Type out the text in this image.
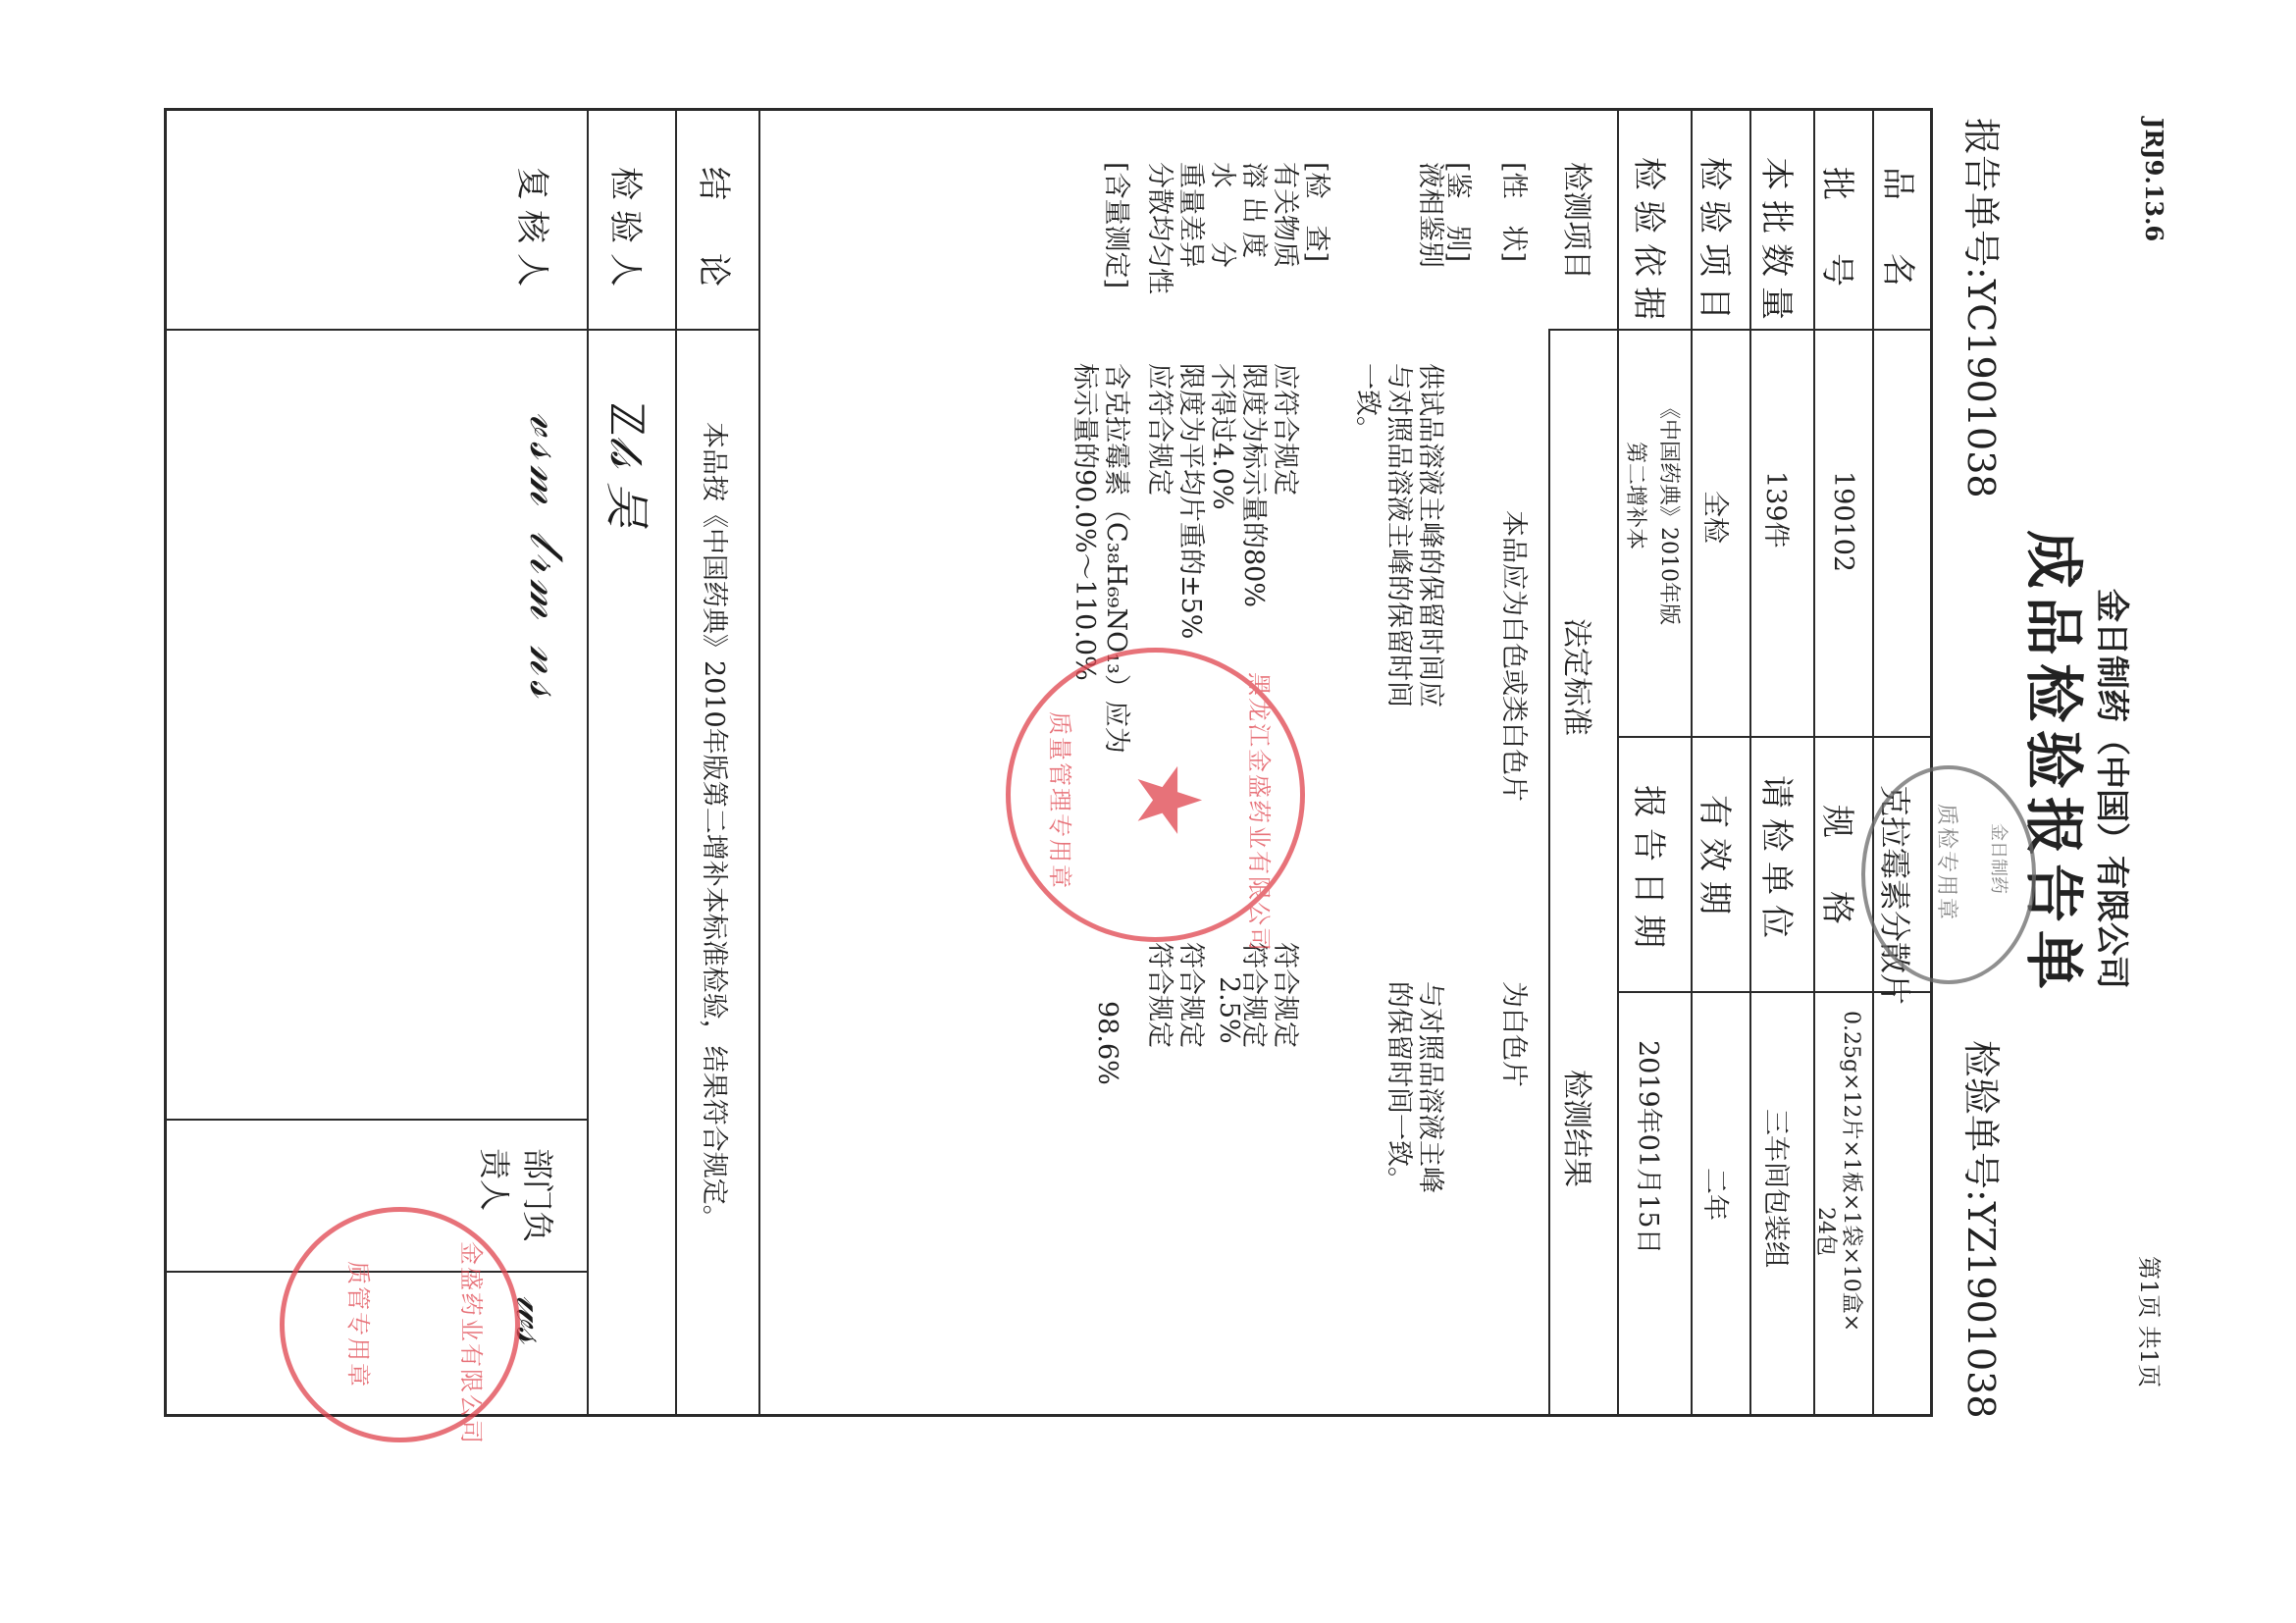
JRJ9.13.6
第1页 共1页
金日制药（中国）有限公司
成品检验报告单
报告单号:YC1901038
检验单号:YZ1901038
品　名
克拉霉素分散片
批　号
190102
规　格
0.25g×12片×1板×1袋×10盒×
24包
本批数量
139件
请检单位
三车间包装组
检验项目
全检
有效期
二年
检验依据
《中国药典》2010年版
第二增补本
报告日期
2019年01月15日
检测项目
法定标准
检测结果
[性　状]
本品应为白色或类白色片
为白色片
[鉴　别]
液相鉴别
供试品溶液主峰的保留时间应
与对照品溶液主峰的保留时间
一致。
与对照品溶液主峰
的保留时间一致。
[检　查]
有关物质
应符合规定
符合规定
溶 出 度
限度为标示量的80%
符合规定
水　　分
不得过4.0%
2.5%
重量差异
限度为平均片重的±5%
符合规定
分散均匀性
应符合规定
符合规定
[含量测定]
含克拉霉素（C₃₈H₆₉NO₁₃）应为
标示量的90.0%～110.0%
98.6%
结　论
本品按《中国药典》2010年版第二增补本标准检验，结果符合规定。
检验人
ℤ𝓁𝓈 吴　
复核人
𝓋𝓈𝓂 𝓁𝓇𝓂 𝓃𝓈
部门负责人
𝓌𝓈
金日制药
质检专用章
黑龙江金盛药业有限公司
★
质量管理专用章
金盛药业有限公司
质管专用章
